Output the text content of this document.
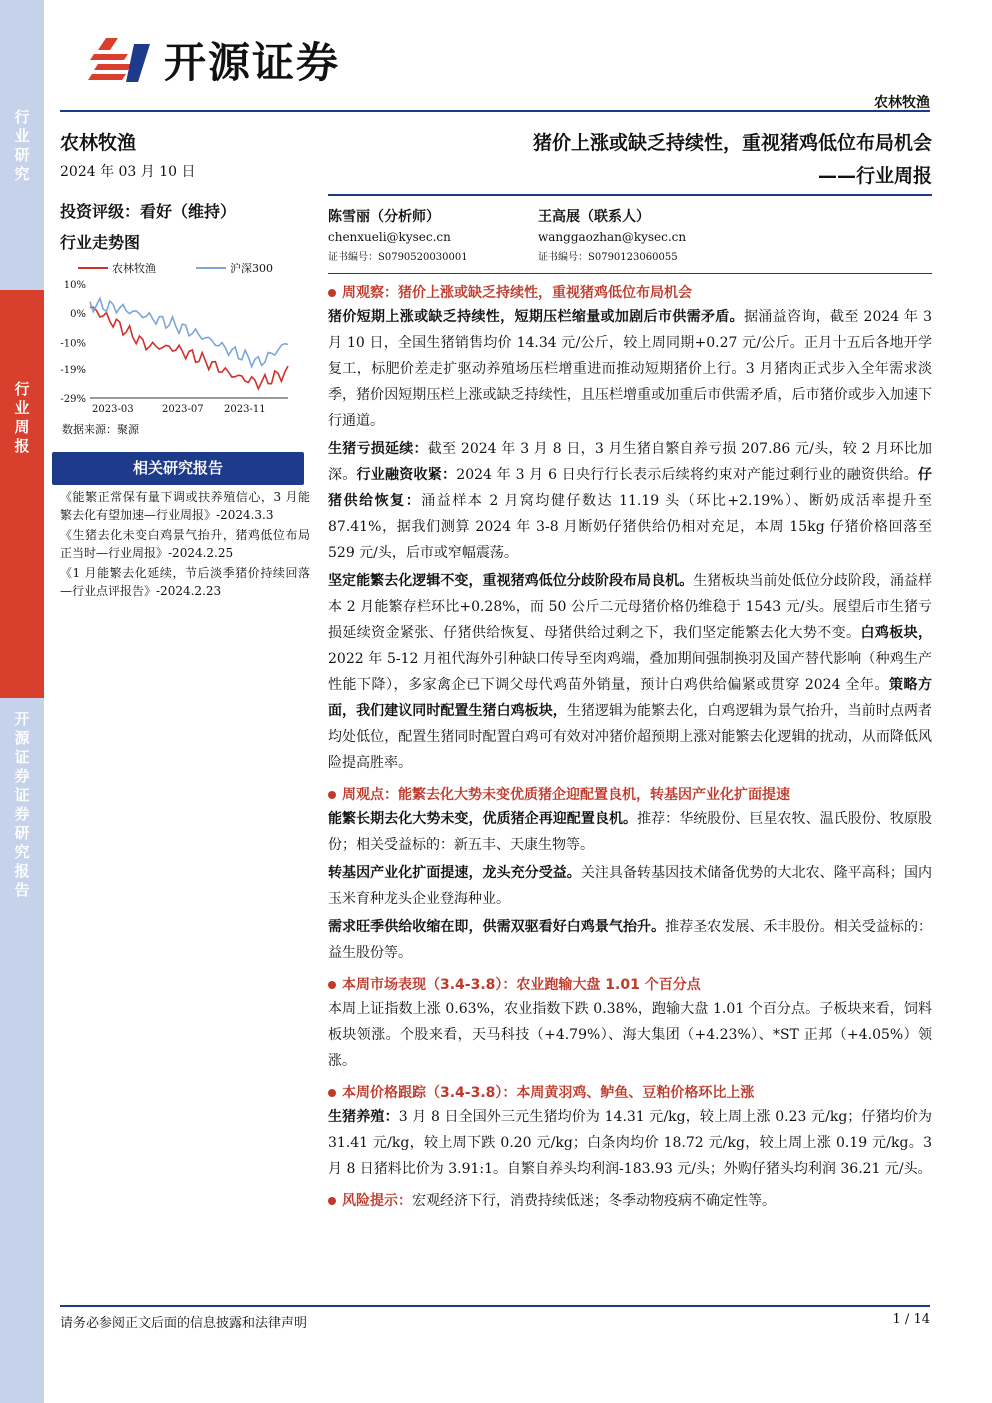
行
业
研
究
行
业
周
报
开
源
证
券
证
券
研
究
报
告
开源证券
农林牧渔
农林牧渔
2024 年 03 月 10 日
投资评级：看好（维持）
行业走势图
农林牧渔	沪深300
10%
0%
-10%
-19%
-29%
2023-03	2023-07 2023-11
数据来源：聚源
相关研究报告
《能繁正常保有量下调或扶养殖信心，3 月能繁去化有望加速—行业周报》-2024.3.3
《生猪去化未变白鸡景气抬升，猪鸡低位布局正当时—行业周报》-2024.2.25
《1 月能繁去化延续，节后淡季猪价持续回落—行业点评报告》-2024.2.23
猪价上涨或缺乏持续性，重视猪鸡低位布局机会
——行业周报
陈雪丽（分析师）
chenxueli@kysec.cn
证书编号：S0790520030001
王高展（联系人）
wanggaozhan@kysec.cn
证书编号：S0790123060055
周观察：猪价上涨或缺乏持续性，重视猪鸡低位布局机会
猪价短期上涨或缺乏持续性，短期压栏缩量或加剧后市供需矛盾。据涌益咨询，截至 2024 年 3 月 10 日，全国生猪销售均价 14.34 元/公斤，较上周同期+0.27 元/公斤。正月十五后各地开学复工，标肥价差走扩驱动养殖场压栏增重进而推动短期猪价上行。3 月猪肉正式步入全年需求淡季，猪价因短期压栏上涨或缺乏持续性，且压栏增重或加重后市供需矛盾，后市猪价或步入加速下行通道。
生猪亏损延续：截至 2024 年 3 月 8 日，3 月生猪自繁自养亏损 207.86 元/头，较 2 月环比加深。行业融资收紧：2024 年 3 月 6 日央行行长表示后续将约束对产能过剩行业的融资供给。仔猪供给恢复：涌益样本 2 月窝均健仔数达 11.19 头（环比+2.19%）、断奶成活率提升至 87.41%，据我们测算 2024 年 3-8 月断奶仔猪供给仍相对充足，本周 15kg 仔猪价格回落至 529 元/头，后市或窄幅震荡。
坚定能繁去化逻辑不变，重视猪鸡低位分歧阶段布局良机。生猪板块当前处低位分歧阶段，涌益样本 2 月能繁存栏环比+0.28%，而 50 公斤二元母猪价格仍维稳于 1543 元/头。展望后市生猪亏损延续资金紧张、仔猪供给恢复、母猪供给过剩之下，我们坚定能繁去化大势不变。白鸡板块，2022 年 5-12 月祖代海外引种缺口传导至肉鸡端，叠加期间强制换羽及国产替代影响（种鸡生产性能下降），多家禽企已下调父母代鸡苗外销量，预计白鸡供给偏紧或贯穿 2024 全年。策略方面，我们建议同时配置生猪白鸡板块，生猪逻辑为能繁去化，白鸡逻辑为景气抬升，当前时点两者均处低位，配置生猪同时配置白鸡可有效对冲猪价超预期上涨对能繁去化逻辑的扰动，从而降低风险提高胜率。
周观点：能繁去化大势未变优质猪企迎配置良机，转基因产业化扩面提速
能繁长期去化大势未变，优质猪企再迎配置良机。推荐：华统股份、巨星农牧、温氏股份、牧原股份；相关受益标的：新五丰、天康生物等。
转基因产业化扩面提速，龙头充分受益。关注具备转基因技术储备优势的大北农、隆平高科；国内玉米育种龙头企业登海种业。
需求旺季供给收缩在即，供需双驱看好白鸡景气抬升。推荐圣农发展、禾丰股份。相关受益标的：益生股份等。
本周市场表现（3.4-3.8）：农业跑输大盘 1.01 个百分点
本周上证指数上涨 0.63%，农业指数下跌 0.38%，跑输大盘 1.01 个百分点。子板块来看，饲料板块领涨。个股来看，天马科技（+4.79%）、海大集团（+4.23%）、*ST 正邦（+4.05%）领涨。
本周价格跟踪（3.4-3.8）：本周黄羽鸡、鲈鱼、豆粕价格环比上涨
生猪养殖：3 月 8 日全国外三元生猪均价为 14.31 元/kg，较上周上涨 0.23 元/kg；仔猪均价为 31.41 元/kg，较上周下跌 0.20 元/kg；白条肉均价 18.72 元/kg，较上周上涨 0.19 元/kg。3 月 8 日猪料比价为 3.91:1。自繁自养头均利润-183.93 元/头；外购仔猪头均利润 36.21 元/头。
风险提示：宏观经济下行，消费持续低迷；冬季动物疫病不确定性等。
请务必参阅正文后面的信息披露和法律声明	1 / 14
